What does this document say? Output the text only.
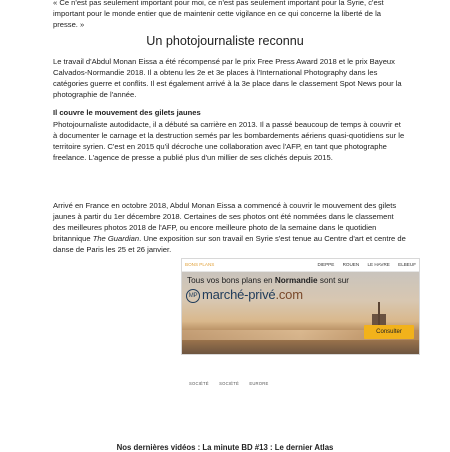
« Ce n'est pas seulement important pour moi, ce n'est pas seulement important pour la Syrie, c'est important pour le monde entier que de maintenir cette vigilance en ce qui concerne la liberté de la presse. »

Un photojournaliste reconnu

Le travail d'Abdul Monan Eissa a été récompensé par le prix Free Press Award 2018 et le prix Bayeux Calvados-Normandie 2018. Il a obtenu les 2e et 3e places à l'International Photography dans les catégories guerre et conflits. Il est également arrivé à la 3e place dans le classement Spot News pour la photographie de l'année.

Il couvre le mouvement des gilets jaunes

Photojournaliste autodidacte, il a débuté sa carrière en 2013. Il a passé beaucoup de temps à couvrir et à documenter le carnage et la destruction semés par les bombardements aériens quasi-quotidiens sur le territoire syrien. C'est en 2015 qu'il décroche une collaboration avec l'AFP, en tant que photographe freelance. L'agence de presse a publié plus d'un millier de ses clichés depuis 2015.

Arrivé en France en octobre 2018, Abdul Monan Eissa a commencé à couvrir le mouvement des gilets jaunes à partir du 1er décembre 2018. Certaines de ses photos ont été nommées dans le classement des meilleures photos 2018 de l'AFP, ou encore meilleure photo de la semaine dans le quotidien britannique The Guardian. Une exposition sur son travail en Syrie s'est tenue au Centre d'art et centre de danse de Paris les 25 et 26 janvier.

BONS PLANS	DIEPPE ROUEN LE HAVRE ELBEUF
Tous vos bons plans en Normandie sont sur
MP marché-privé.com
Consulter
SOCIÉTÉ SOCIÉTÉ EURORE
Nos dernières vidéos : La minute BD #13 : Le dernier Atlas
